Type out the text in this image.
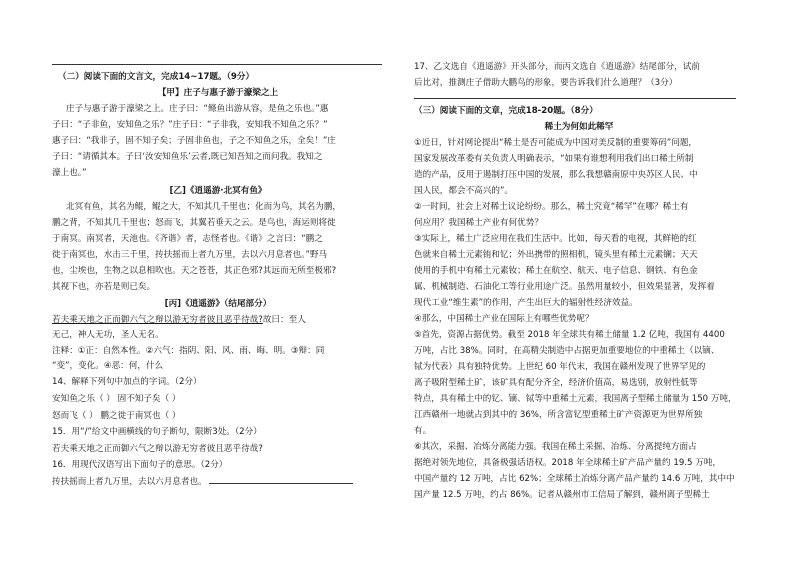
（二）阅读下面的文言文，完成14~17题。（9分）
【甲】庄子与惠子游于濠梁之上
庄子与惠子游于濠梁之上。庄子曰：“鲦鱼出游从容，是鱼之乐也。”惠
子曰：“子非鱼，安知鱼之乐？”庄子曰：“子非我，安知我不知鱼之乐？”
惠子曰：“我非子，固不知子矣；子固非鱼也，子之不知鱼之乐，全矣！”庄
子曰：“请循其本。子曰‘汝安知鱼乐’云者,既已知吾知之而问我。我知之
濠上也。”
[乙]《逍遥游·北冥有鱼》
北冥有鱼，其名为鲲，鲲之大，不知其几千里也；化而为鸟，其名为鹏，
鹏之背，不知其几千里也；怒而飞，其翼若垂天之云。是鸟也，海运则将徙
于南冥。南冥者，天池也。《齐谐》者，志怪者也。《谐》之言曰：“鹏之
徙于南冥也，水击三千里，抟扶摇而上者九万里，去以六月息者也。”野马
也，尘埃也，生物之以息相吹也。天之苍苍，其正色邪?其远而无所至极邪?
其视下也，亦若是则已矣。
[丙]《逍遥游》（结尾部分）
若夫乘天地之正而御六气之辩以游无穷者彼且恶乎待哉?故曰：至人
无己，神人无功，圣人无名。
注释：①正：自然本性。②六气：指阴、阳、风、雨、晦、明。③辩：同
“变”，变化。④恶：何，什么
14、解释下列句中加点的字词。（2分）
安知鱼之乐（ ） 固不知子矣（ ）
怒而飞（ ） 鹏之徙于南冥也（ ）
15．用“/”给文中画横线的句子断句，限断3处。（2分）
若夫乘天地之正而御六气之辩以游无穷者彼且恶乎待哉?
16．用现代汉语写出下面句子的意思。（2分）
抟扶摇而上者九万里，去以六月息者也。
17、乙文选自《逍遥游》开头部分，而丙文选自《逍遥游》结尾部分，试前
后比对，推测庄子借助大鹏鸟的形象，要告诉我们什么道理？（3分）
（三）阅读下面的文章，完成18-20题。（8分）
稀土为何如此稀罕
①近日，针对网论提出“稀土是否可能成为中国对美反制的重要筹码”问题，
国家发展改革委有关负责人明确表示，“如果有谁想利用我们出口稀土所制
造的产品，反用于遏制打压中国的发展，那么我想赣南原中央苏区人民、中
国人民，都会不高兴的”。
②一时间，社会上对稀土议论纷纷。那么，稀土究竟“稀罕”在哪？稀土有
何应用？我国稀土产业有何优势？
③实际上，稀土广泛应用在我们生活中。比如，每天看的电视，其鲜艳的红
色就来自稀土元素铕和钇；外出携带的照相机，镜头里有稀土元素镧；天天
使用的手机中有稀土元素钕；稀土在航空、航天、电子信息、钢铁、有色金
属、机械制造、石油化工等行业用途广泛。虽然用量较小，但效果显著，发挥着
现代工业“维生素”的作用，产生出巨大的辐射性经济效益。
④那么，中国稀土产业在国际上有哪些优势呢？
⑤首先，资源占据优势。截至 2018 年全球共有稀土储量 1.2 亿吨，我国有 4400
万吨，占比 38%。同时，在高精尖制造中占据更加重要地位的中重稀土（以镝、
铽为代表）具有独特优势。上世纪 60 年代末，我国在赣州发现了世界罕见的
离子吸附型稀土矿，该矿具有配分齐全，经济价值高，易选别，放射性低等
特点，具有稀土中的钇、镝、铽等中重稀土元素，我国离子型稀土储量为 150 万吨，
江西赣州一地就占到其中的 36%，所含富钇型重稀土矿产资源更为世界所独
有。
⑥其次，采掘、冶炼分离能力强。我国在稀土采掘、冶炼、分离提纯方面占
据绝对领先地位，具备极强话语权。2018 年全球稀土矿产品产量约 19.5 万吨，
中国产量约 12 万吨，占比 62%；全球稀土冶炼分离产品产量约 14.6 万吨，其中中
国产量 12.5 万吨，约占 86%。记者从赣州市工信局了解到，赣州离子型稀土
